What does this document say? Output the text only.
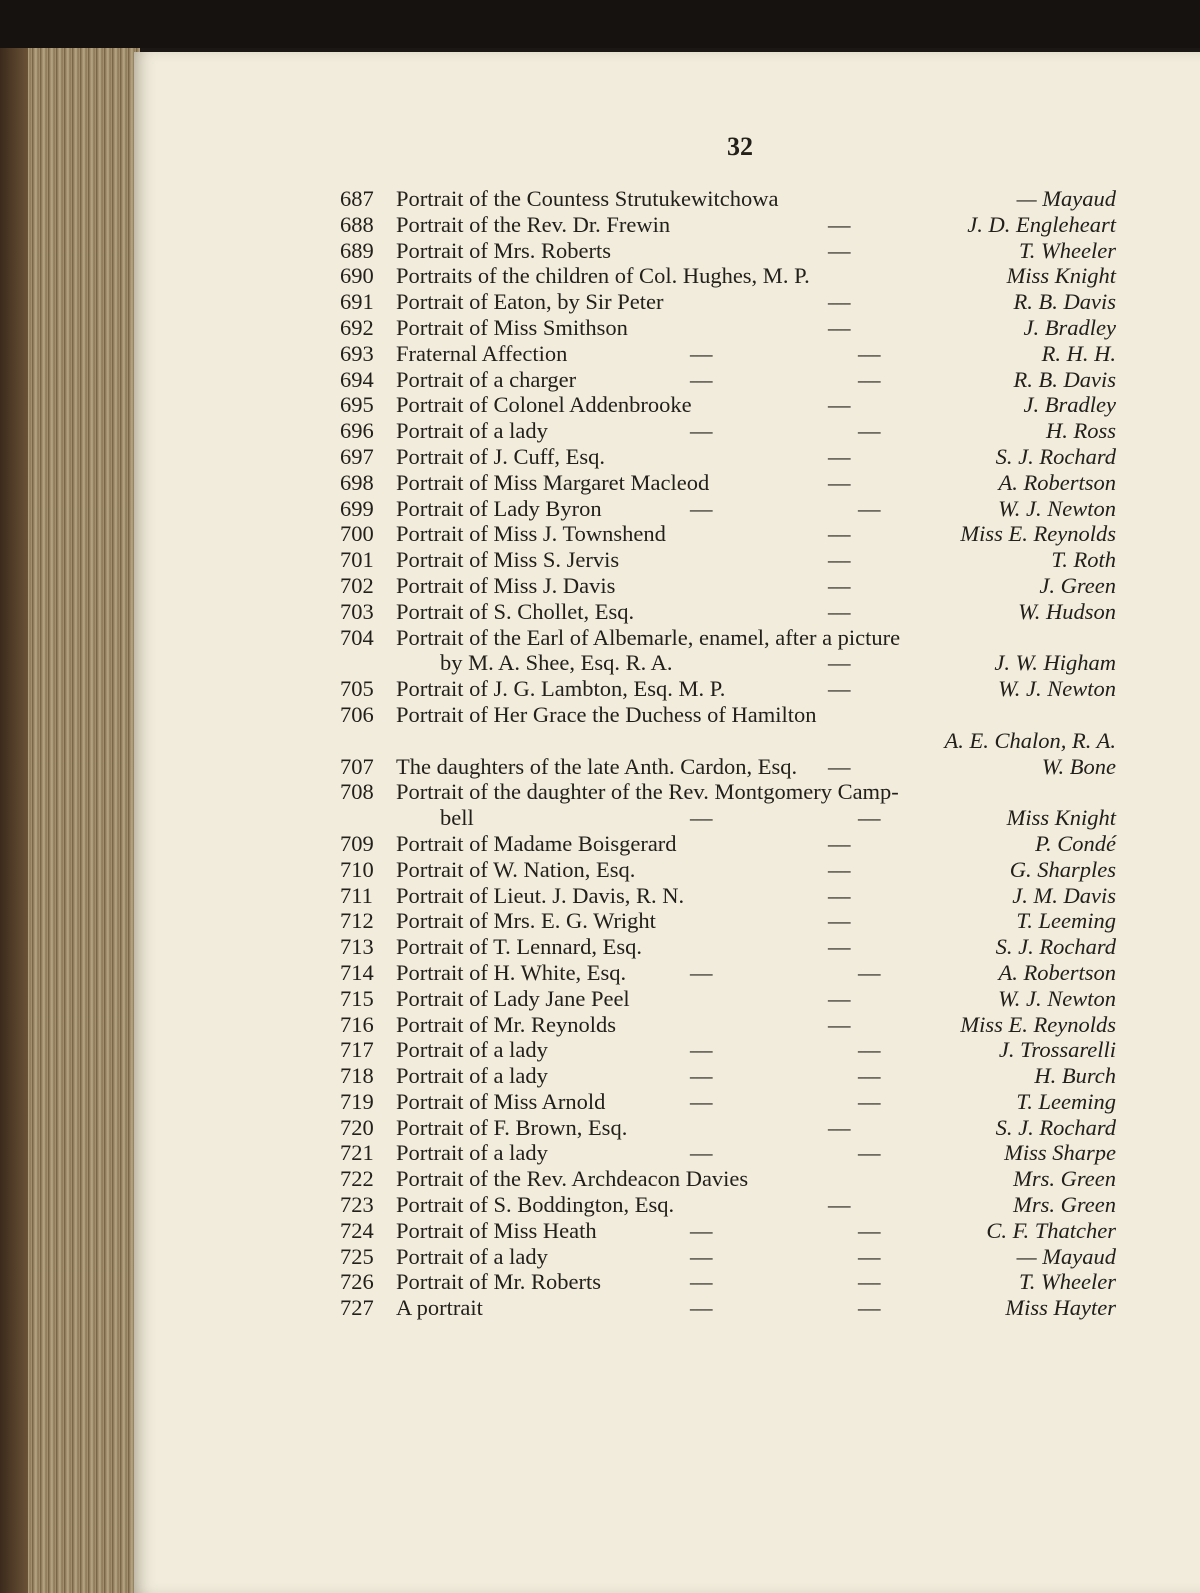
32
687 Portrait of the Countess Strutukewitchowa	— Mayaud
688 Portrait of the Rev. Dr. Frewin	—	J. D. Engleheart
689 Portrait of Mrs. Roberts	—	T. Wheeler
690 Portraits of the children of Col. Hughes, M. P.	Miss Knight
691 Portrait of Eaton, by Sir Peter	—	R. B. Davis
692 Portrait of Miss Smithson	—	J. Bradley
693 Fraternal Affection	—	—	R. H. H.
694 Portrait of a charger	—	—	R. B. Davis
695 Portrait of Colonel Addenbrooke	—	J. Bradley
696 Portrait of a lady	—	—	H. Ross
697 Portrait of J. Cuff, Esq.	—	S. J. Rochard
698 Portrait of Miss Margaret Macleod	—	A. Robertson
699 Portrait of Lady Byron	—	—	W. J. Newton
700 Portrait of Miss J. Townshend	—	Miss E. Reynolds
701 Portrait of Miss S. Jervis	—	T. Roth
702 Portrait of Miss J. Davis	—	J. Green
703 Portrait of S. Chollet, Esq.	—	W. Hudson
704 Portrait of the Earl of Albemarle, enamel, after a picture
by M. A. Shee, Esq. R. A.	—	J. W. Higham
705 Portrait of J. G. Lambton, Esq. M. P.	—	W. J. Newton
706 Portrait of Her Grace the Duchess of Hamilton
A. E. Chalon, R. A.
707 The daughters of the late Anth. Cardon, Esq. —	W. Bone
708 Portrait of the daughter of the Rev. Montgomery Camp-
bell	—	—	Miss Knight
709 Portrait of Madame Boisgerard	—	P. Condé
710 Portrait of W. Nation, Esq.	—	G. Sharples
711	Portrait of Lieut. J. Davis, R. N.	—	J. M. Davis
712 Portrait of Mrs. E. G. Wright	—	T. Leeming
713 Portrait of T. Lennard, Esq.	—	S. J. Rochard
714 Portrait of H. White, Esq.	—	—	A. Robertson
715 Portrait of Lady Jane Peel	—	W. J. Newton
716 Portrait of Mr. Reynolds	—	Miss E. Reynolds
717 Portrait of a lady	—	—	J. Trossarelli
718 Portrait of a lady	—	—	H. Burch
719 Portrait of Miss Arnold	—	—	T. Leeming
720 Portrait of F. Brown, Esq.	—	S. J. Rochard
721 Portrait of a lady	—	—	Miss Sharpe
722 Portrait of the Rev. Archdeacon Davies	Mrs. Green
723 Portrait of S. Boddington, Esq.	—	Mrs. Green
724 Portrait of Miss Heath	—	—	C. F. Thatcher
725 Portrait of a lady	—	—	— Mayaud
726 Portrait of Mr. Roberts	—	—	T. Wheeler
727 A portrait	—	—	Miss Hayter
